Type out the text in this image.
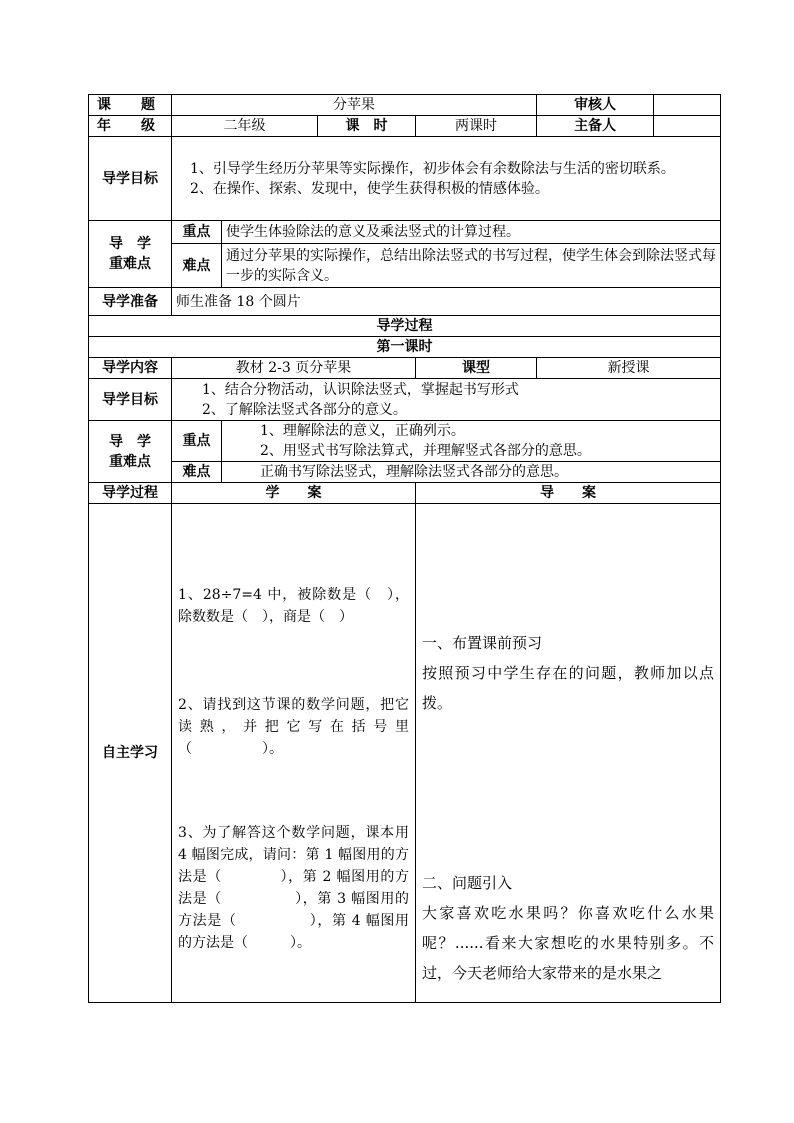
课　题	分苹果				审核人	
年　级	二年级		课　时	两课时	主备人	
导学目标	1、引导学生经历分苹果等实际操作，初步体会有余数除法与生活的密切联系。
2、在操作、探索、发现中，使学生获得积极的情感体验。					

导　学
重难点	重点	使学生体验除法的意义及乘法竖式的计算过程。				
	难点	通过分苹果的实际操作，总结出除法竖式的书写过程，使学生体会到除法竖式每一步的实际含义。				
导学准备	师生准备 18 个圆片					
导学过程						
第一课时						
导学内容	教材 2-3 页分苹果			课型	新授课	
导学目标	1、结合分物活动，认识除法竖式，掌握起书写形式
2、了解除法竖式各部分的意义。					

导　学
重难点	重点	1、理解除法的意义，正确列示。
2、用竖式书写除法算式，并理解竖式各部分的意思。				

	难点	正确书写除法竖式，理解除法竖式各部分的意思。				
导学过程	学　　案			导　　案		
自主学习	1、28÷7=4 中，被除数是（　），除数数是（　），商是（　）
2、请找到这节课的数学问题，把它读熟，并把它写在括号里（　　　　　）。
3、为了解答这个数学问题，课本用 4 幅图完成，请问：第 1 幅图用的方法是（　　　　），第 2 幅图用的方法是（　　　　　），第 3 幅图用的方法是（　　　　　），第 4 幅图用的方法是（　　　）。			一、布置课前预习
按照预习中学生存在的问题，教师加以点拨。
二、问题引入
大家喜欢吃水果吗？你喜欢吃什么水果呢？......看来大家想吃的水果特别多。不过，今天老师给大家带来的是水果之		
